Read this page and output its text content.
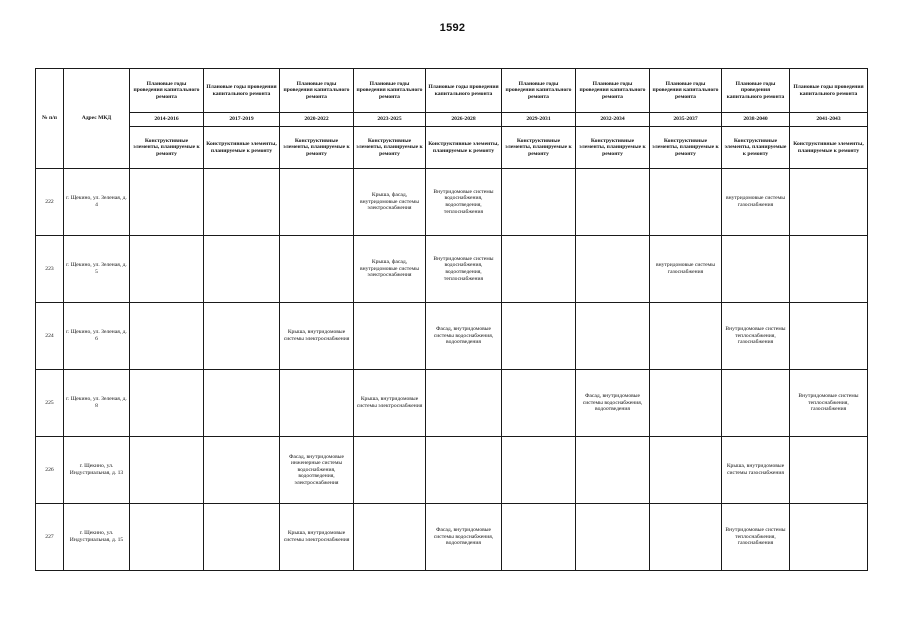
1592
№ п/п	Адрес МКД	Плановые годы проведения капитального ремонта	Плановые годы проведения капитального ремонта	Плановые годы проведения капитального ремонта	Плановые годы проведения капитального ремонта	Плановые годы проведения капитального ремонта	Плановые годы проведения капитального ремонта	Плановые годы проведения капитального ремонта	Плановые годы проведения капитального ремонта	Плановые годы проведения капитального ремонта	Плановые годы проведения капитального ремонта
		2014-2016	2017-2019	2020-2022	2023-2025	2026-2028	2029-2031	2032-2034	2035-2037	2038-2040	2041-2043
		Конструктивные элементы, планируемые к ремонту	Конструктивные элементы, планируемые к ремонту	Конструктивные элементы, планируемые к ремонту	Конструктивные элементы, планируемые к ремонту	Конструктивные элементы, планируемые к ремонту	Конструктивные элементы, планируемые к ремонту	Конструктивные элементы, планируемые к ремонту	Конструктивные элементы, планируемые к ремонту	Конструктивные элементы, планируемые к ремонту	Конструктивные элементы, планируемые к ремонту
222	г. Щекино, ул. Зеленая, д. 4				Крыша, фасад, внутридомовые системы электроснабжения	Внутридомовые системы водоснабжения, водоотведения, теплоснабжения				внутридомовые системы газоснабжения	
223	г. Щекино, ул. Зеленая, д. 5				Крыша, фасад, внутридомовые системы электроснабжения	Внутридомовые системы водоснабжения, водоотведения, теплоснабжения			внутридомовые системы газоснабжения		
224	г. Щекино, ул. Зеленая, д. 6			Крыша, внутридомовые системы электроснабжения		Фасад, внутридомовые системы водоснабжения, водоотведения				Внутридомовые системы теплоснабжения, газоснабжения	
225	г. Щекино, ул. Зеленая, д. 8				Крыша, внутридомовые системы электроснабжения			Фасад, внутридомовые системы водоснабжения, водоотведения			Внутридомовые системы теплоснабжения, газоснабжения
226	г. Щекино, ул. Индустриальная, д. 13			Фасад, внутридомовые инженерные системы водоснабжения, водоотведения, электроснабжения						Крыша, внутридомовые системы газоснабжения	
227	г. Щекино, ул. Индустриальная, д. 15			Крыша, внутридомовые системы электроснабжения		Фасад, внутридомовые системы водоснабжения, водоотведения				Внутридомовые системы теплоснабжения, газоснабжения	
